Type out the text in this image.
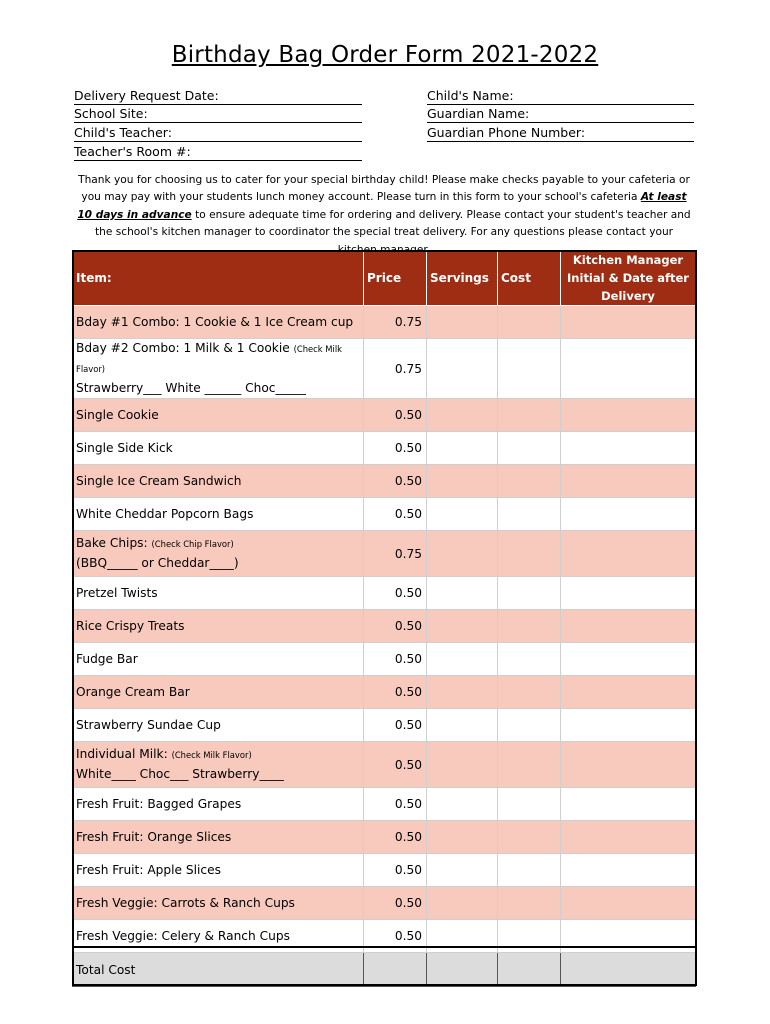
Birthday Bag Order Form 2021-2022
Delivery Request Date:
School Site:
Child's Teacher:
Teacher's Room #:
Child's Name:
Guardian Name:
Guardian Phone Number:
Thank you for choosing us to cater for your special birthday child! Please make checks payable to your cafeteria or you may pay with your students lunch money account. Please turn in this form to your school's cafeteria At least 10 days in advance to ensure adequate time for ordering and delivery. Please contact your student's teacher and the school's kitchen manager to coordinator the special treat delivery. For any questions please contact your
Item:	Price	Servings	Cost	Kitchen Manager
Initial & Date after
Delivery
Bday #1 Combo: 1 Cookie & 1 Ice Cream cup	0.75			
Bday #2 Combo: 1 Milk & 1 Cookie (Check Milk Flavor)
Strawberry___ White ______ Choc_____	0.75			
Single Cookie	0.50			
Single Side Kick	0.50			
Single Ice Cream Sandwich	0.50			
White Cheddar Popcorn Bags	0.50			
Bake Chips: (Check Chip Flavor)
(BBQ_____ or Cheddar____)	0.75			
Pretzel Twists	0.50			
Rice Crispy Treats	0.50			
Fudge Bar	0.50			
Orange Cream Bar	0.50			
Strawberry Sundae Cup	0.50			
Individual Milk: (Check Milk Flavor)
White____ Choc___ Strawberry____	0.50			
Fresh Fruit: Bagged Grapes	0.50			
Fresh Fruit: Orange Slices	0.50			
Fresh Fruit: Apple Slices	0.50			
Fresh Veggie: Carrots & Ranch Cups	0.50			
Fresh Veggie: Celery & Ranch Cups	0.50			
Total Cost				
